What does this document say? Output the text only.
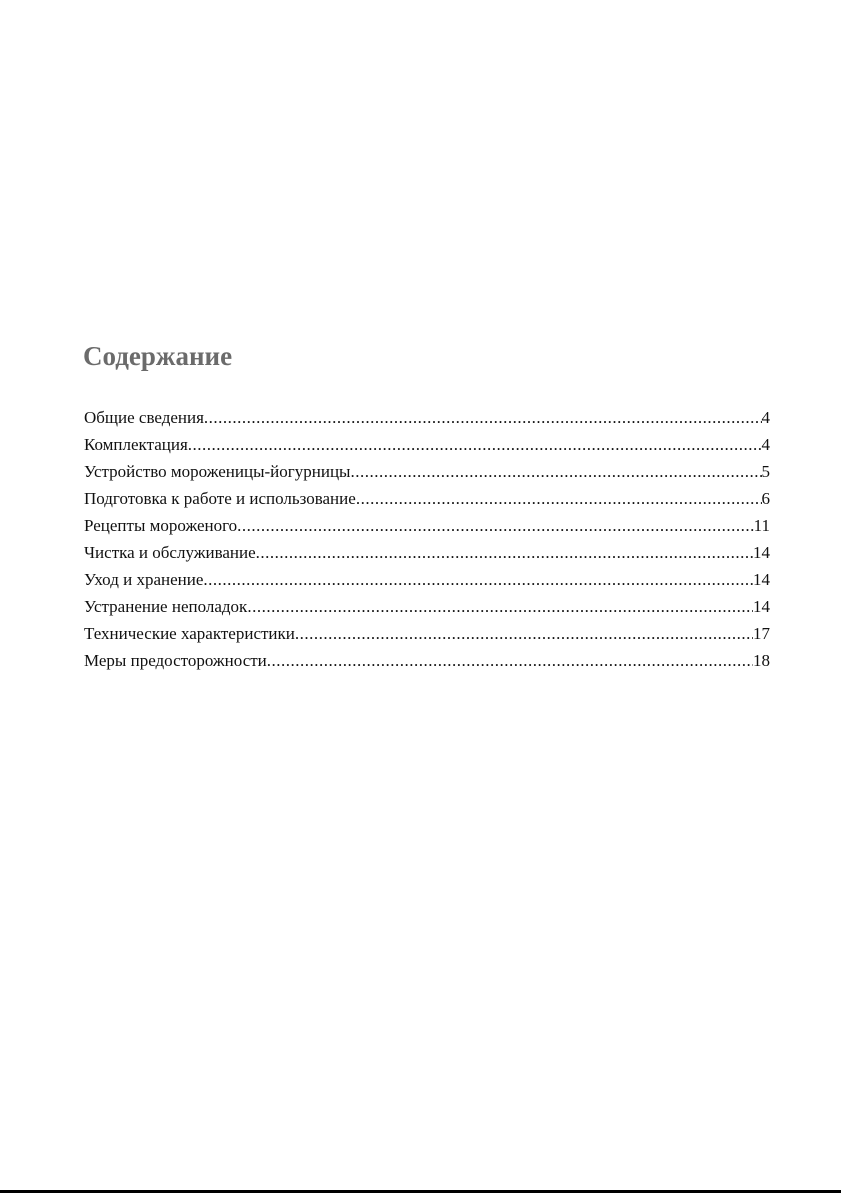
Содержание
Общие сведения .....	4
Комплектация .....	4
Устройство мороженицы-йогурницы .....	5
Подготовка к работе и использование .....	6
Рецепты мороженого .....	11
Чистка и обслуживание .....	14
Уход и хранение .....	14
Устранение неполадок .....	14
Технические характеристики .....	17
Меры предосторожности .....	18
